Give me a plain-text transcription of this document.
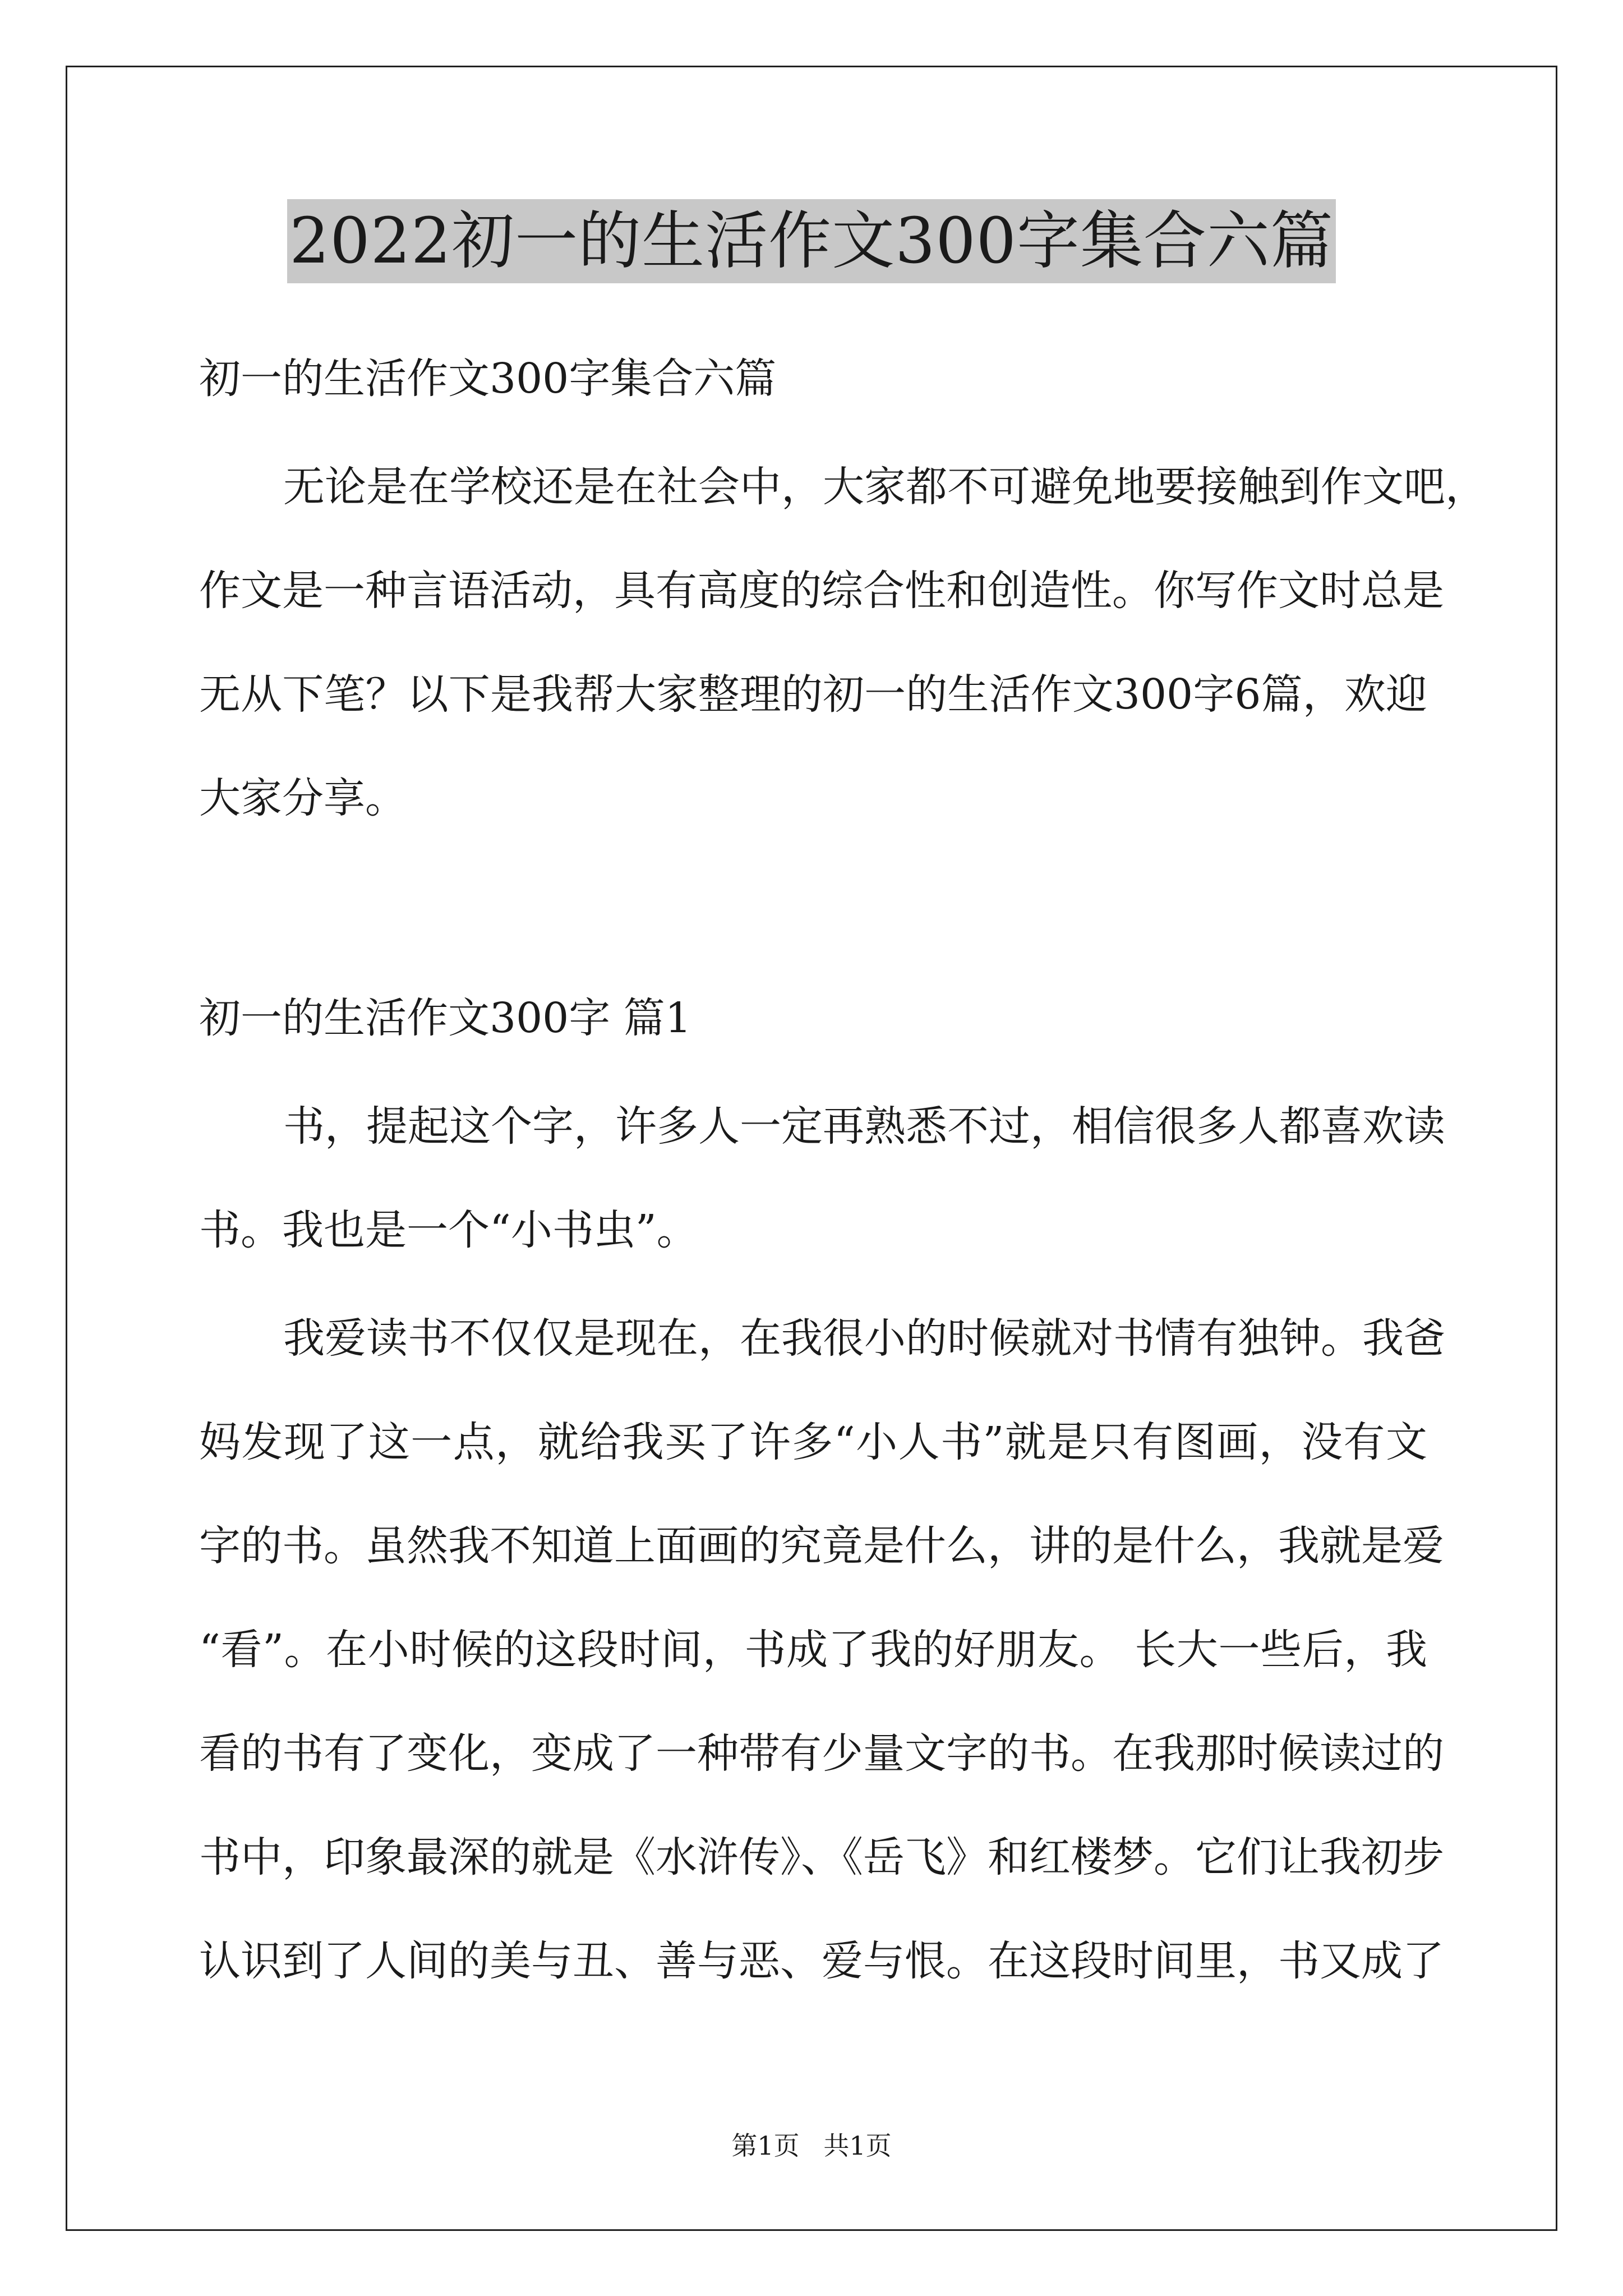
2022初一的生活作文300字集合六篇

初一的生活作文300字集合六篇

无论是在学校还是在社会中，大家都不可避免地要接触到作文吧，

作文是一种言语活动，具有高度的综合性和创造性。你写作文时总是

无从下笔？以下是我帮大家整理的初一的生活作文300字6篇，欢迎

大家分享。

初一的生活作文300字 篇1

书，提起这个字，许多人一定再熟悉不过，相信很多人都喜欢读

书。我也是一个“小书虫”。

我爱读书不仅仅是现在，在我很小的时候就对书情有独钟。我爸

妈发现了这一点，就给我买了许多“小人书”就是只有图画，没有文

字的书。虽然我不知道上面画的究竟是什么，讲的是什么，我就是爱

“看”。在小时候的这段时间，书成了我的好朋友。 长大一些后，我

看的书有了变化，变成了一种带有少量文字的书。在我那时候读过的

书中，印象最深的就是《水浒传》、《岳飞》和红楼梦。它们让我初步

认识到了人间的美与丑、善与恶、爱与恨。在这段时间里，书又成了

第1页 共1页
